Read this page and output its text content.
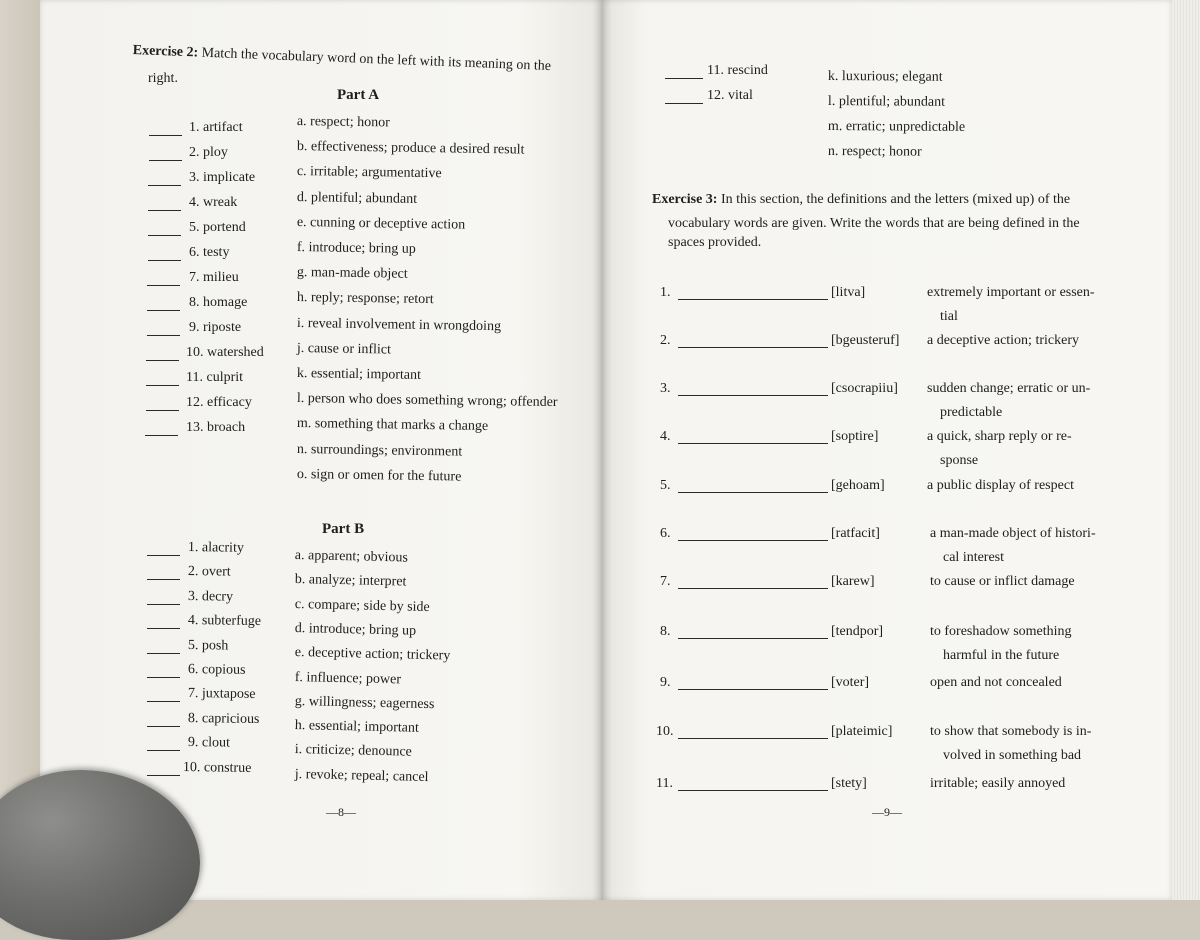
Exercise 2: Match the vocabulary word on the left with its meaning on the
right.
Part A
1. artifact
2. ploy
3. implicate
4. wreak
5. portend
6. testy
7. milieu
8. homage
9. riposte
10. watershed
11. culprit
12. efficacy
13. broach
a. respect; honor
b. effectiveness; produce a desired result
c. irritable; argumentative
d. plentiful; abundant
e. cunning or deceptive action
f. introduce; bring up
g. man-made object
h. reply; response; retort
i. reveal involvement in wrongdoing
j. cause or inflict
k. essential; important
l. person who does something wrong; offender
m. something that marks a change
n. surroundings; environment
o. sign or omen for the future
Part B
1. alacrity
2. overt
3. decry
4. subterfuge
5. posh
6. copious
7. juxtapose
8. capricious
9. clout
10. construe
a. apparent; obvious
b. analyze; interpret
c. compare; side by side
d. introduce; bring up
e. deceptive action; trickery
f. influence; power
g. willingness; eagerness
h. essential; important
i. criticize; denounce
j. revoke; repeal; cancel
—8—
11. rescind
12. vital
k. luxurious; elegant
l. plentiful; abundant
m. erratic; unpredictable
n. respect; honor
Exercise 3: In this section, the definitions and the letters (mixed up) of the
vocabulary words are given. Write the words that are being defined in the
spaces provided.
1.	[litva]	extremely important or essen-
tial
2.	[bgeusteruf] a deceptive action; trickery
3.	[csocrapiiu] sudden change; erratic or un-
predictable
4.	[soptire]	a quick, sharp reply or re-
sponse
5.	[gehoam]	a public display of respect
6.	[ratfacit]	a man-made object of histori-
cal interest
7.	[karew]	to cause or inflict damage
8.	[tendpor]	to foreshadow something
harmful in the future
9.	[voter]	open and not concealed
10.	[plateimic]	to show that somebody is in-
volved in something bad
11.	[stety]	irritable; easily annoyed
—9—
